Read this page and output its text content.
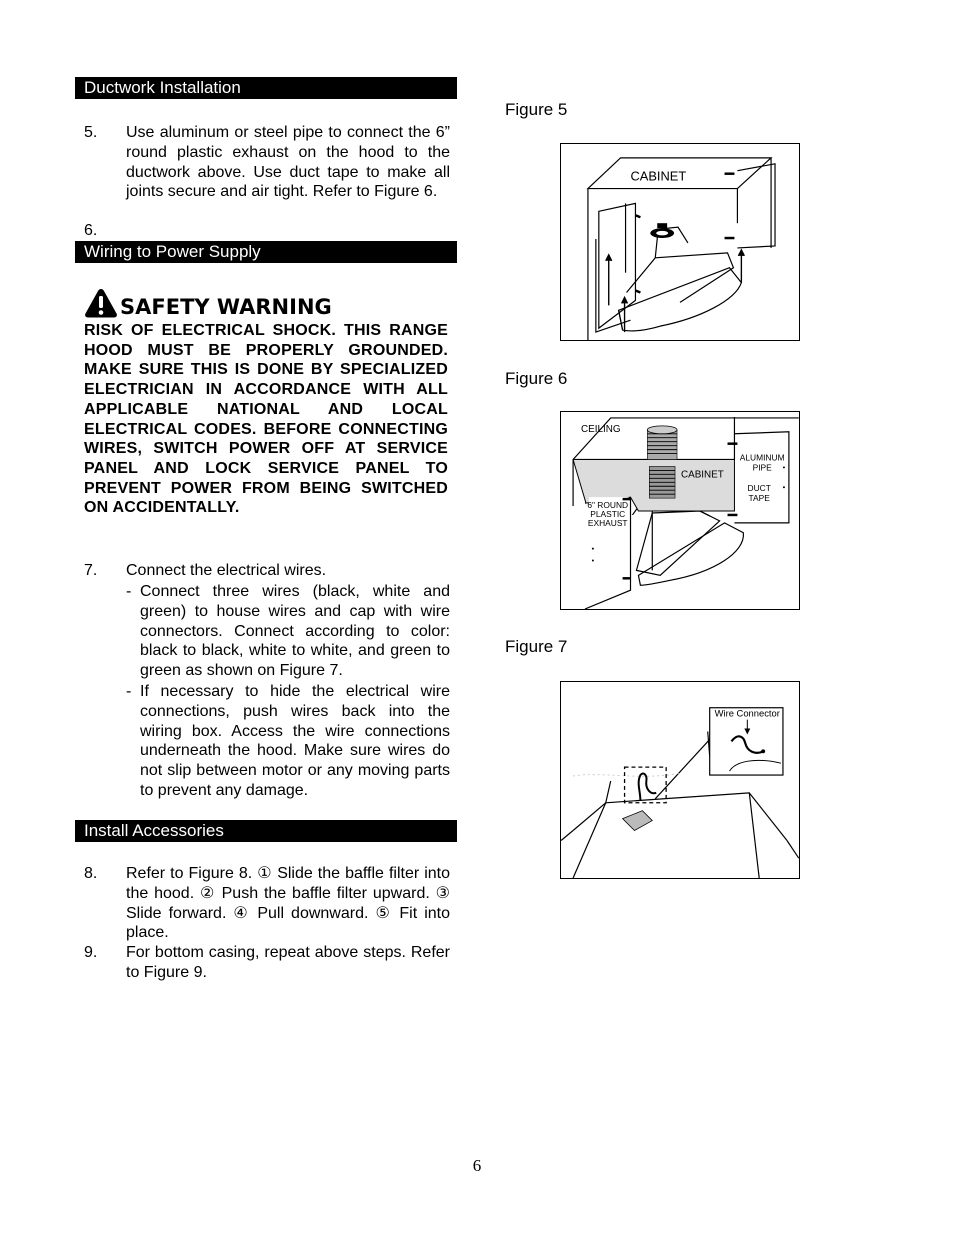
Ductwork Installation
5. Use aluminum or steel pipe to connect the 6” round plastic exhaust on the hood to the ductwork above. Use duct tape to make all joints secure and air tight. Refer to Figure 6.
6.
Wiring to Power Supply
SAFETY WARNING
RISK OF ELECTRICAL SHOCK. THIS RANGE HOOD MUST BE PROPERLY GROUNDED. MAKE SURE THIS IS DONE BY SPECIALIZED ELECTRICIAN IN ACCORDANCE WITH ALL APPLICABLE NATIONAL AND LOCAL ELECTRICAL CODES. BEFORE CONNECTING WIRES, SWITCH POWER OFF AT SERVICE PANEL AND LOCK SERVICE PANEL TO PREVENT POWER FROM BEING SWITCHED ON ACCIDENTALLY.
7. Connect the electrical wires.
- Connect three wires (black, white and green) to house wires and cap with wire connectors. Connect according to color: black to black, white to white, and green to green as shown on Figure 7.
- If necessary to hide the electrical wire connections, push wires back into the wiring box. Access the wire connections underneath the hood. Make sure wires do not slip between motor or any moving parts to prevent any damage.
Install Accessories
8. Refer to Figure 8. ① Slide the baffle filter into the hood. ② Push the baffle filter upward. ③ Slide forward. ④ Pull downward. ⑤ Fit into place.
9. For bottom casing, repeat above steps. Refer to Figure 9.
Figure 5
CABINET
Figure 6
CEILING
CABINET
ALUMINUM
PIPE
DUCT
TAPE
6" ROUND
PLASTIC
EXHAUST
Figure 7
Wire Connector
6
